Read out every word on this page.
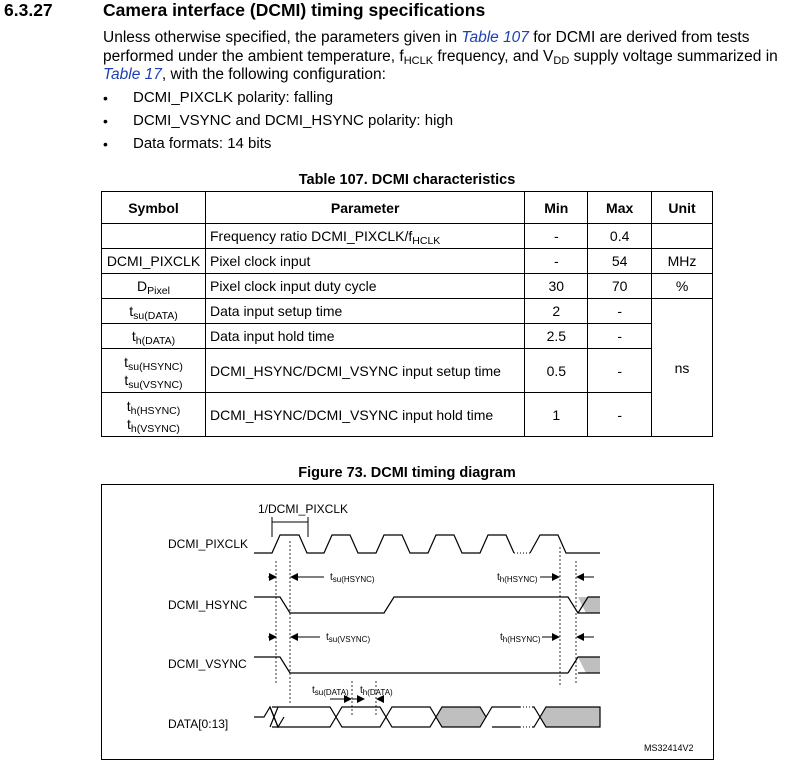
6.3.27	Camera interface (DCMI) timing specifications
Unless otherwise specified, the parameters given in Table 107 for DCMI are derived from tests performed under the ambient temperature, $f_{HCLK}$ frequency, and $V_{DD}$ supply voltage summarized in Table 17, with the following configuration:
• DCMI_PIXCLK polarity: falling
• DCMI_VSYNC and DCMI_HSYNC polarity: high
• Data formats: 14 bits
Table 107. DCMI characteristics
Symbol	Parameter	Min	Max	Unit
	Frequency ratio $DCMI\_PIXCLK/f_{HCLK}$	-	0.4	
DCMI_PIXCLK	Pixel clock input	-	54	MHz
$D_{Pixel}$	Pixel clock input duty cycle	30	70	%
$t_{su(DATA)}$	Data input setup time	2	-	ns
$t_{h(DATA)}$	Data input hold time	2.5	-	

$t_{su(HSYNC)}$
$t_{su(VSYNC)}$	DCMI_HSYNC/DCMI_VSYNC input setup time	0.5	-	

$t_{h(HSYNC)}$
$t_{h(VSYNC)}$	DCMI_HSYNC/DCMI_VSYNC input hold time	1	-	
Figure 73. DCMI timing diagram
DCMI_PIXCLK
DCMI_HSYNC
DCMI_VSYNC
DATA[0:13]
1/DCMI_PIXCLK
tsu(HSYNC)	th(HSYNC)
tsu(VSYNC)	th(HSYNC)
tsu(DATA) th(DATA)
MS32414V2
